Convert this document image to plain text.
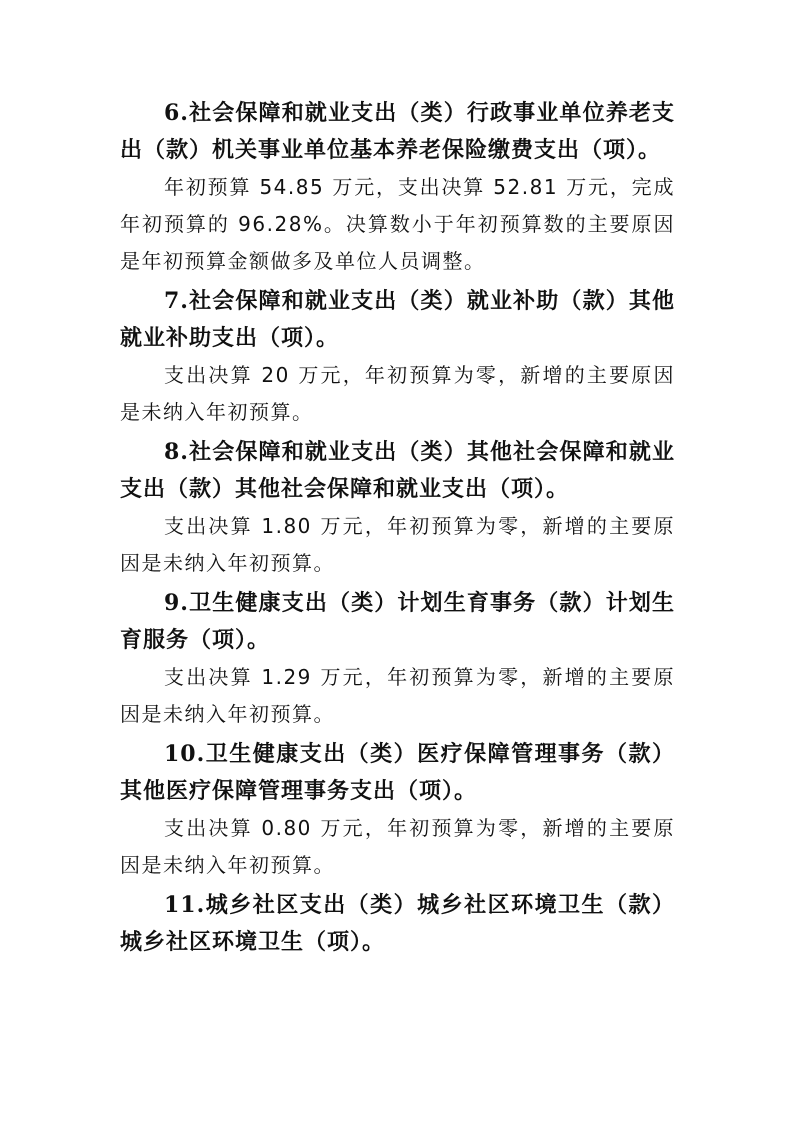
6.社会保障和就业支出（类）行政事业单位养老支出（款）机关事业单位基本养老保险缴费支出（项）。
年初预算 54.85 万元，支出决算 52.81 万元，完成年初预算的 96.28%。决算数小于年初预算数的主要原因是年初预算金额做多及单位人员调整。
7.社会保障和就业支出（类）就业补助（款）其他就业补助支出（项）。
支出决算 20 万元，年初预算为零，新增的主要原因是未纳入年初预算。
8.社会保障和就业支出（类）其他社会保障和就业支出（款）其他社会保障和就业支出（项）。
支出决算 1.80 万元，年初预算为零，新增的主要原因是未纳入年初预算。
9.卫生健康支出（类）计划生育事务（款）计划生育服务（项）。
支出决算 1.29 万元，年初预算为零，新增的主要原因是未纳入年初预算。
10.卫生健康支出（类）医疗保障管理事务（款）其他医疗保障管理事务支出（项）。
支出决算 0.80 万元，年初预算为零，新增的主要原因是未纳入年初预算。
11.城乡社区支出（类）城乡社区环境卫生（款）城乡社区环境卫生（项）。
